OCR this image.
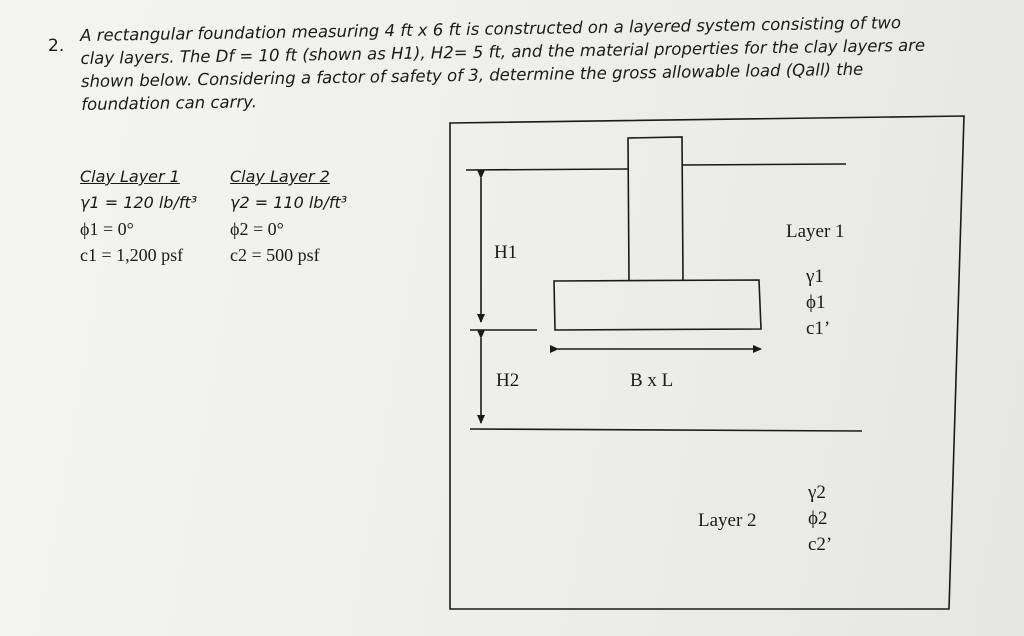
2.

A rectangular foundation measuring 4 ft x 6 ft is constructed on a layered system consisting of two
clay layers. The Df = 10 ft (shown as H1), H2= 5 ft, and the material properties for the clay layers are
shown below. Considering a factor of safety of 3, determine the gross allowable load (Qall) the
foundation can carry.

Clay Layer 1
γ1 = 120 lb/ft³
ϕ1 = 0°
c1 = 1,200 psf
Clay Layer 2
γ2 = 110 lb/ft³
ϕ2 = 0°
c2 = 500 psf	H1
H2	B x L
Layer 1
γ1
ϕ1
c1’
Layer 2
γ2
ϕ2
c2’
